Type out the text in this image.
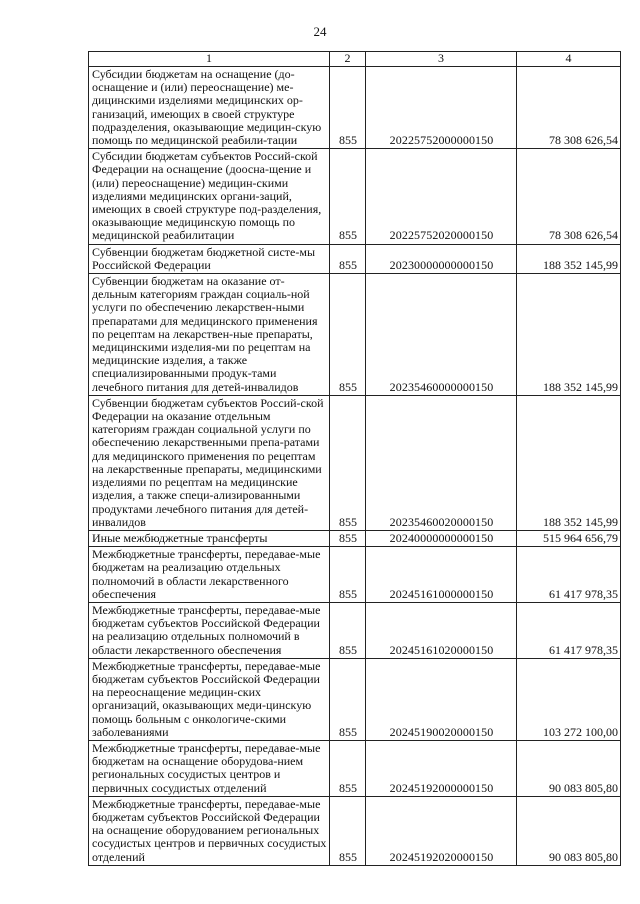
24
1	2	3	4
Субсидии бюджетам на оснащение (до-оснащение и (или) переоснащение) ме-дицинскими изделиями медицинских ор-ганизаций, имеющих в своей структуре подразделения, оказывающие медицин-скую помощь по медицинской реабили-тации	855	20225752000000150	78 308 626,54
Субсидии бюджетам субъектов Россий-ской Федерации на оснащение (доосна-щение и (или) переоснащение) медицин-скими изделиями медицинских органи-заций, имеющих в своей структуре под-разделения, оказывающие медицинскую помощь по медицинской реабилитации	855	20225752020000150	78 308 626,54
Субвенции бюджетам бюджетной систе-мы Российской Федерации	855	20230000000000150	188 352 145,99
Субвенции бюджетам на оказание от-дельным категориям граждан социаль-ной услуги по обеспечению лекарствен-ными препаратами для медицинского применения по рецептам на лекарствен-ные препараты, медицинскими изделия-ми по рецептам на медицинские изделия, а также специализированными продук-тами лечебного питания для детей-инвалидов	855	20235460000000150	188 352 145,99
Субвенции бюджетам субъектов Россий-ской Федерации на оказание отдельным категориям граждан социальной услуги по обеспечению лекарственными препа-ратами для медицинского применения по рецептам на лекарственные препараты, медицинскими изделиями по рецептам на медицинские изделия, а также специ-ализированными продуктами лечебного питания для детей-инвалидов	855	20235460020000150	188 352 145,99
Иные межбюджетные трансферты	855	20240000000000150	515 964 656,79
Межбюджетные трансферты, передавае-мые бюджетам на реализацию отдельных полномочий в области лекарственного обеспечения	855	20245161000000150	61 417 978,35
Межбюджетные трансферты, передавае-мые бюджетам субъектов Российской Федерации на реализацию отдельных полномочий в области лекарственного обеспечения	855	20245161020000150	61 417 978,35
Межбюджетные трансферты, передавае-мые бюджетам субъектов Российской Федерации на переоснащение медицин-ских организаций, оказывающих меди-цинскую помощь больным с онкологиче-скими заболеваниями	855	20245190020000150	103 272 100,00
Межбюджетные трансферты, передавае-мые бюджетам на оснащение оборудова-нием региональных сосудистых центров и первичных сосудистых отделений	855	20245192000000150	90 083 805,80
Межбюджетные трансферты, передавае-мые бюджетам субъектов Российской Федерации на оснащение оборудованием региональных сосудистых центров и первичных сосудистых отделений	855	20245192020000150	90 083 805,80
